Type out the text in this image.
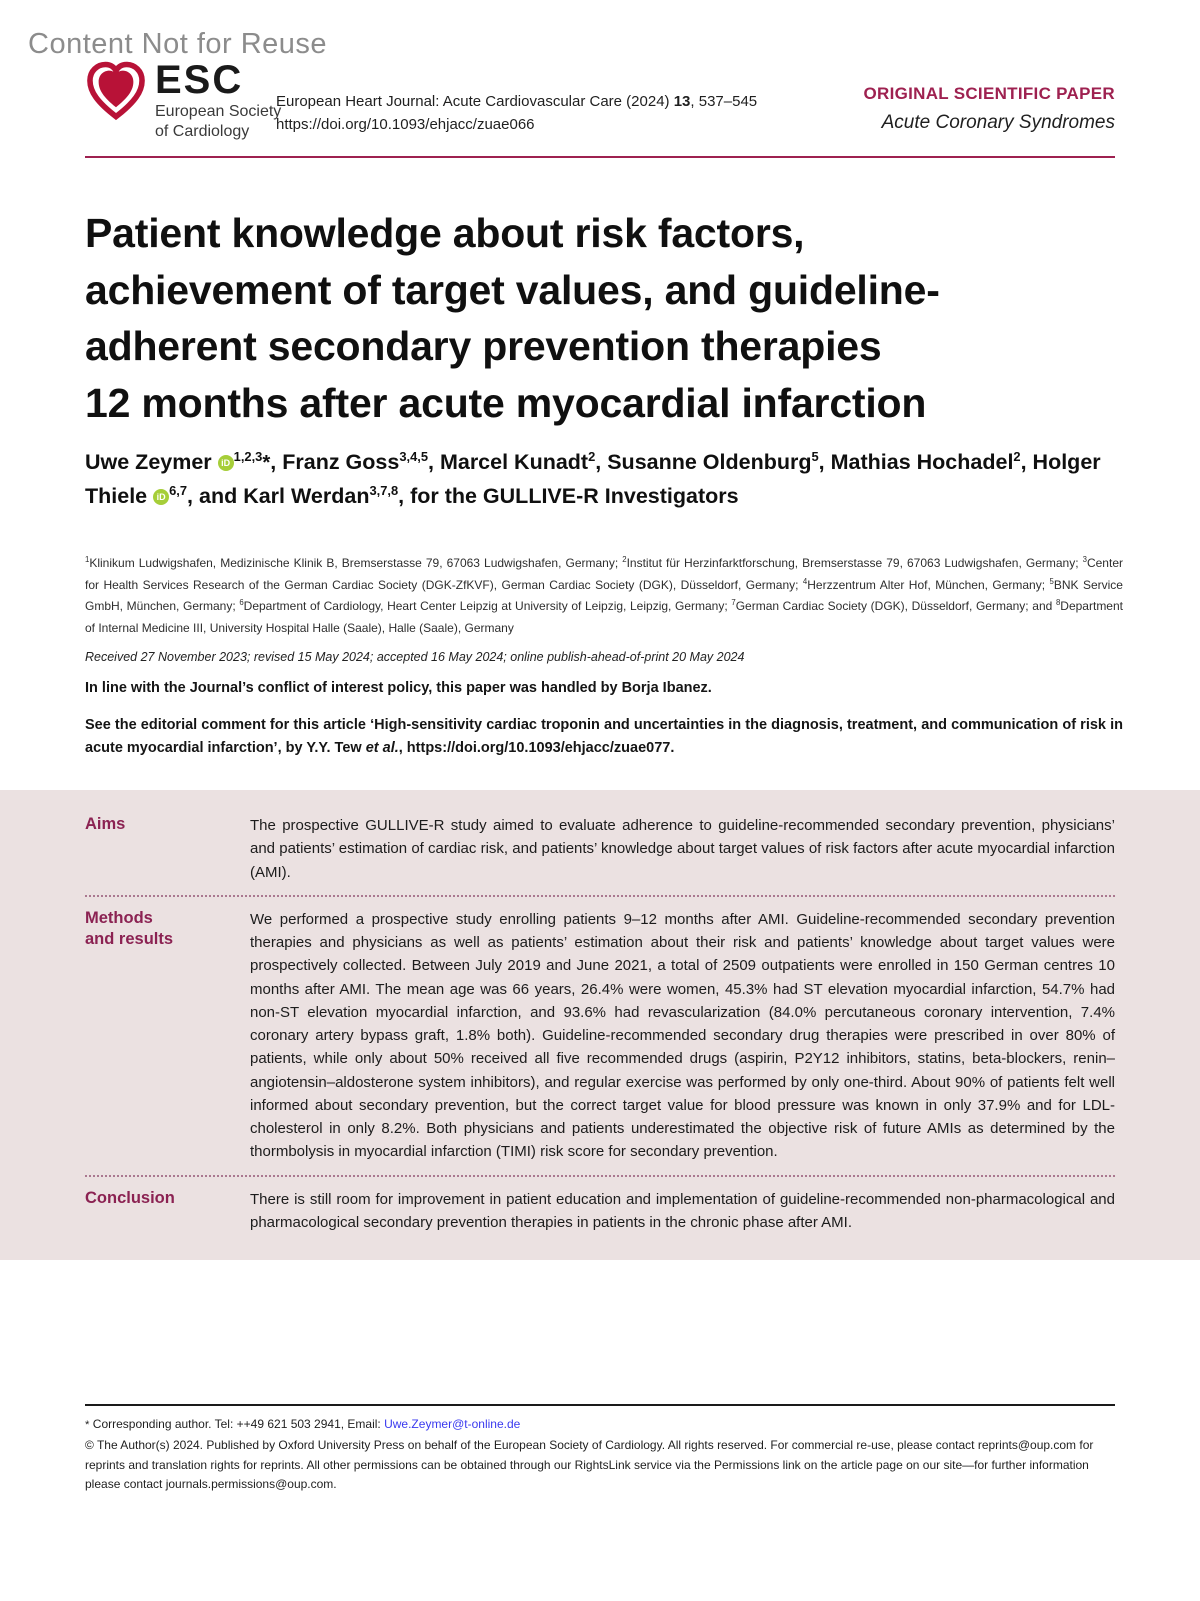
Content Not for Reuse
ESC
European Society
of Cardiology
European Heart Journal: Acute Cardiovascular Care (2024) 13, 537–545
https://doi.org/10.1093/ehjacc/zuae066
ORIGINAL SCIENTIFIC PAPER
Acute Coronary Syndromes
Patient knowledge about risk factors,
achievement of target values, and guideline-
adherent secondary prevention therapies
12 months after acute myocardial infarction
Uwe Zeymer iD $^{1,2,3}$*, Franz Goss$^{3,4,5}$, Marcel Kunadt$^2$, Susanne Oldenburg$^5$, Mathias Hochadel$^2$, Holger Thiele iD $^{6,7}$, and Karl Werdan$^{3,7,8}$, for the GULLIVE-R Investigators
$^1$Klinikum Ludwigshafen, Medizinische Klinik B, Bremserstasse 79, 67063 Ludwigshafen, Germany; $^2$Institut für Herzinfarktforschung, Bremserstasse 79, 67063 Ludwigshafen, Germany; $^3$Center for Health Services Research of the German Cardiac Society (DGK-ZfKVF), German Cardiac Society (DGK), Düsseldorf, Germany; $^4$Herzzentrum Alter Hof, München, Germany; $^5$BNK Service GmbH, München, Germany; $^6$Department of Cardiology, Heart Center Leipzig at University of Leipzig, Leipzig, Germany; $^7$German Cardiac Society (DGK), Düsseldorf, Germany; and $^8$Department of Internal Medicine III, University Hospital Halle (Saale), Halle (Saale), Germany
Received 27 November 2023; revised 15 May 2024; accepted 16 May 2024; online publish-ahead-of-print 20 May 2024
In line with the Journal’s conflict of interest policy, this paper was handled by Borja Ibanez.
See the editorial comment for this article ‘High-sensitivity cardiac troponin and uncertainties in the diagnosis, treatment, and communication of risk in acute myocardial infarction’, by Y.Y. Tew et al., https://doi.org/10.1093/ehjacc/zuae077.
Aims	The prospective GULLIVE-R study aimed to evaluate adherence to guideline-recommended secondary prevention, physicians’ and patients’ estimation of cardiac risk, and patients’ knowledge about target values of risk factors after acute myocardial infarction (AMI).
Methods and results
We performed a prospective study enrolling patients 9–12 months after AMI. Guideline-recommended secondary prevention therapies and physicians as well as patients’ estimation about their risk and patients’ knowledge about target values were prospectively collected. Between July 2019 and June 2021, a total of 2509 outpatients were enrolled in 150 German centres 10 months after AMI. The mean age was 66 years, 26.4% were women, 45.3% had ST elevation myocardial infarction, 54.7% had non-ST elevation myocardial infarction, and 93.6% had revascularization (84.0% percutaneous coronary intervention, 7.4% coronary artery bypass graft, 1.8% both). Guideline-recommended secondary drug therapies were prescribed in over 80% of patients, while only about 50% received all five recommended drugs (aspirin, P2Y12 inhibitors, statins, beta-blockers, renin–angiotensin–aldosterone system inhibitors), and regular exercise was performed by only one-third. About 90% of patients felt well informed about secondary prevention, but the correct target value for blood pressure was known in only 37.9% and for LDL-cholesterol in only 8.2%. Both physicians and patients underestimated the objective risk of future AMIs as determined by the thormbolysis in myocardial infarction (TIMI) risk score for secondary prevention.
Conclusion	There is still room for improvement in patient education and implementation of guideline-recommended non-pharmacological and pharmacological secondary prevention therapies in patients in the chronic phase after AMI.

* Corresponding author. Tel: ++49 621 503 2941, Email: Uwe.Zeymer@t-online.de

© The Author(s) 2024. Published by Oxford University Press on behalf of the European Society of Cardiology. All rights reserved. For commercial re-use, please contact reprints@oup.com for reprints and translation rights for reprints. All other permissions can be obtained through our RightsLink service via the Permissions link on the article page on our site—for further information please contact journals.permissions@oup.com.
